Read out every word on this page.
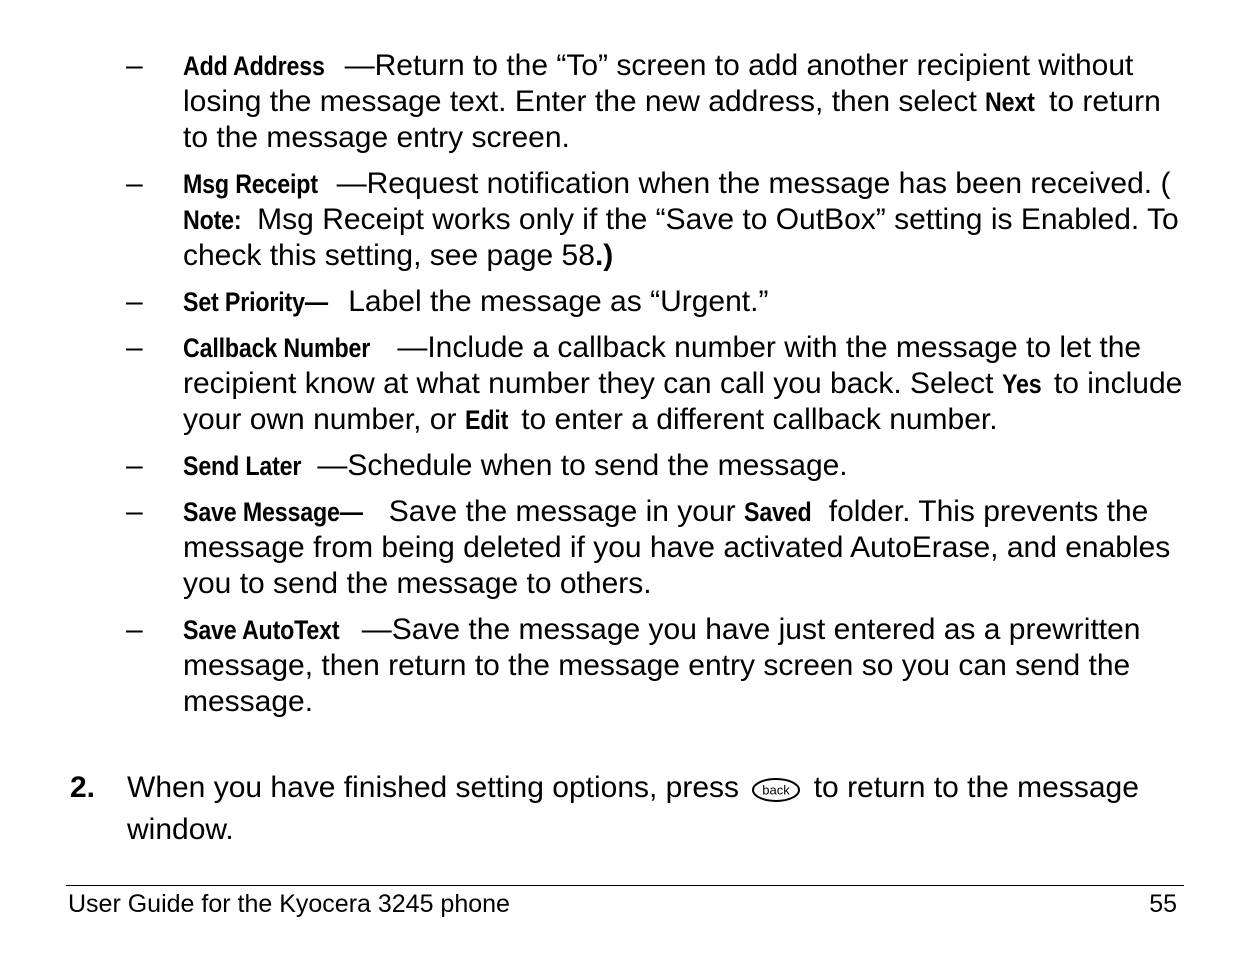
– Add Address —Return to the “To” screen to add another recipient without losing the message text. Enter the new address, then select Next to return to the message entry screen.
– Msg Receipt —Request notification when the message has been received. (Note: Msg Receipt works only if the “Save to OutBox” setting is Enabled. To check this setting, see page 58.)
– Set Priority— Label the message as “Urgent.”
– Callback Number —Include a callback number with the message to let the recipient know at what number they can call you back. Select Yes to include your own number, or Edit to enter a different callback number.
– Send Later —Schedule when to send the message.
– Save Message— Save the message in your Saved folder. This prevents the message from being deleted if you have activated AutoErase, and enables you to send the message to others.
– Save AutoText —Save the message you have just entered as a prewritten message, then return to the message entry screen so you can send the message.
2. When you have finished setting options, press back to return to the message window.
User Guide for the Kyocera 3245 phone	55
